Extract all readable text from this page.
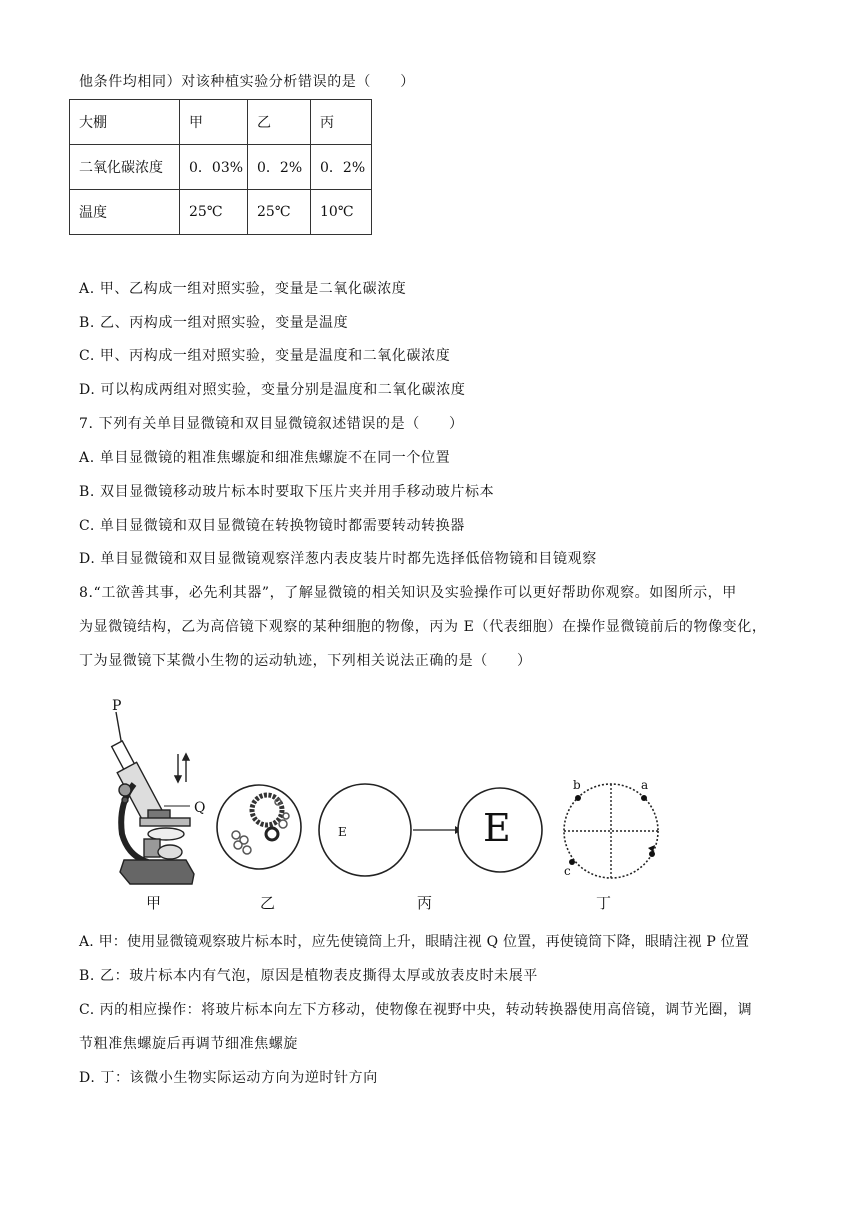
他条件均相同）对该种植实验分析错误的是（　　）
大棚	甲	乙	丙
二氧化碳浓度	0．03%	0．2%	0．2%
温度	25℃	25℃	10℃
A. 甲、乙构成一组对照实验，变量是二氧化碳浓度
B. 乙、丙构成一组对照实验，变量是温度
C. 甲、丙构成一组对照实验，变量是温度和二氧化碳浓度
D. 可以构成两组对照实验，变量分别是温度和二氧化碳浓度
7. 下列有关单目显微镜和双目显微镜叙述错误的是（　　）
A. 单目显微镜的粗准焦螺旋和细准焦螺旋不在同一个位置
B. 双目显微镜移动玻片标本时要取下压片夹并用手移动玻片标本
C. 单目显微镜和双目显微镜在转换物镜时都需要转动转换器
D. 单目显微镜和双目显微镜观察洋葱内表皮装片时都先选择低倍物镜和目镜观察
8.“工欲善其事，必先利其器”，了解显微镜的相关知识及实验操作可以更好帮助你观察。如图所示，甲
为显微镜结构，乙为高倍镜下观察的某种细胞的物像，丙为 E（代表细胞）在操作显微镜前后的物像变化，
丁为显微镜下某微小生物的运动轨迹，下列相关说法正确的是（　　）
P
Q
E	E
a
b
c
甲	乙	丙	丁
A. 甲：使用显微镜观察玻片标本时，应先使镜筒上升，眼睛注视 Q 位置，再使镜筒下降，眼睛注视 P 位置
B. 乙：玻片标本内有气泡，原因是植物表皮撕得太厚或放表皮时未展平
C. 丙的相应操作：将玻片标本向左下方移动，使物像在视野中央，转动转换器使用高倍镜，调节光圈，调
节粗准焦螺旋后再调节细准焦螺旋
D. 丁：该微小生物实际运动方向为逆时针方向
